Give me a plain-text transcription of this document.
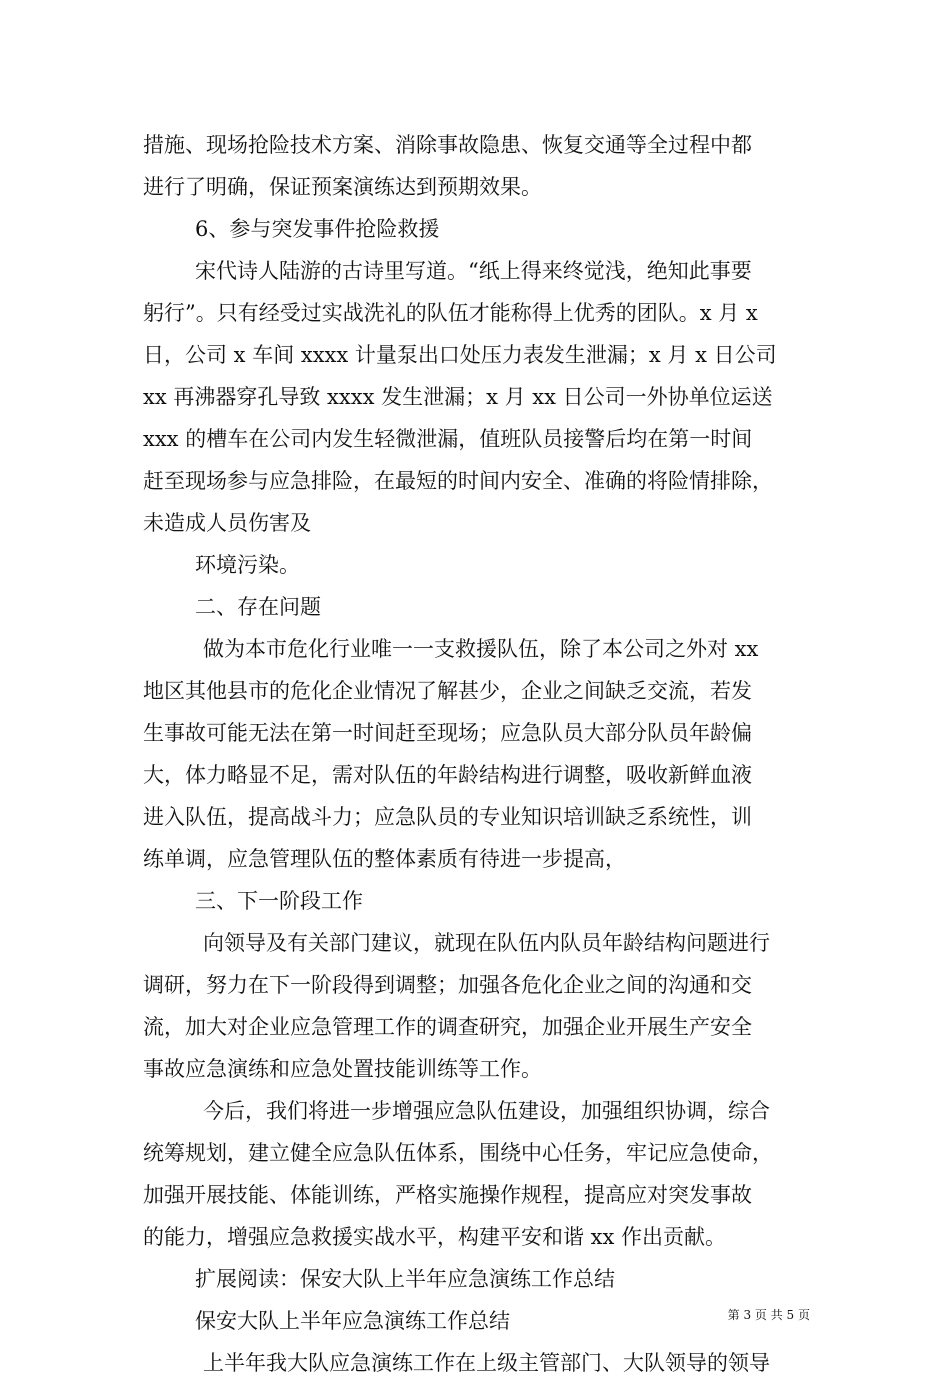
措施、现场抢险技术方案、消除事故隐患、恢复交通等全过程中都
进行了明确，保证预案演练达到预期效果。
6、参与突发事件抢险救援
宋代诗人陆游的古诗里写道。“纸上得来终觉浅，绝知此事要
躬行”。只有经受过实战洗礼的队伍才能称得上优秀的团队。x 月 x
日，公司 x 车间 xxxx 计量泵出口处压力表发生泄漏；x 月 x 日公司
xx 再沸器穿孔导致 xxxx 发生泄漏；x 月 xx 日公司一外协单位运送
xxx 的槽车在公司内发生轻微泄漏，值班队员接警后均在第一时间
赶至现场参与应急排险，在最短的时间内安全、准确的将险情排除，
未造成人员伤害及
环境污染。
二、存在问题
做为本市危化行业唯一一支救援队伍，除了本公司之外对 xx
地区其他县市的危化企业情况了解甚少，企业之间缺乏交流，若发
生事故可能无法在第一时间赶至现场；应急队员大部分队员年龄偏
大，体力略显不足，需对队伍的年龄结构进行调整，吸收新鲜血液
进入队伍，提高战斗力；应急队员的专业知识培训缺乏系统性，训
练单调，应急管理队伍的整体素质有待进一步提高，
三、下一阶段工作
向领导及有关部门建议，就现在队伍内队员年龄结构问题进行
调研，努力在下一阶段得到调整；加强各危化企业之间的沟通和交
流，加大对企业应急管理工作的调查研究，加强企业开展生产安全
事故应急演练和应急处置技能训练等工作。
今后，我们将进一步增强应急队伍建设，加强组织协调，综合
统筹规划，建立健全应急队伍体系，围绕中心任务，牢记应急使命，
加强开展技能、体能训练，严格实施操作规程，提高应对突发事故
的能力，增强应急救援实战水平，构建平安和谐 xx 作出贡献。
扩展阅读：保安大队上半年应急演练工作总结
保安大队上半年应急演练工作总结
上半年我大队应急演练工作在上级主管部门、大队领导的领导
第 3 页 共 5 页
